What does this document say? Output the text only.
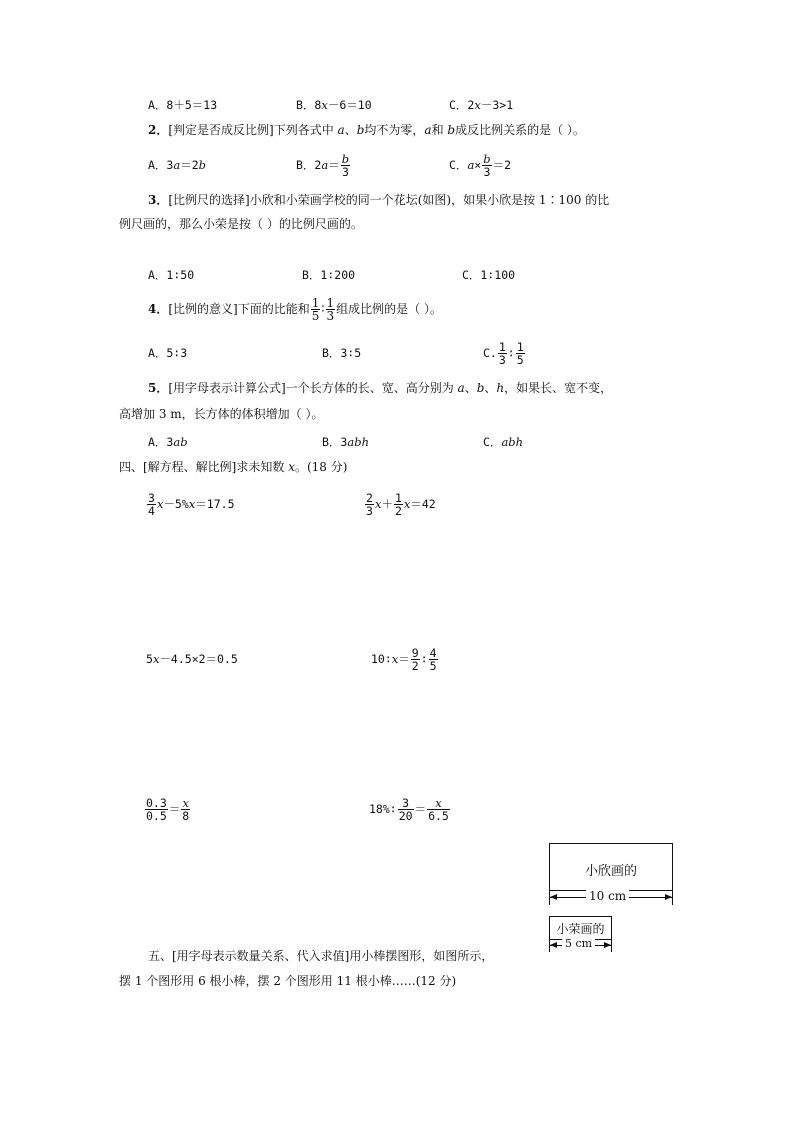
A．8＋5＝13	B．8x－6＝10	C．2x－3>1
2．[判定是否成反比例]下列各式中 a、b均不为零，a和 b成反比例关系的是（ ）。
A．3a＝2b	B．$2a= \frac{b}{3}$	C．$a\times \frac{b}{3} =2$
3．[比例尺的选择]小欣和小荣画学校的同一个花坛(如图)，如果小欣是按 1∶100 的比
例尺画的，那么小荣是按（ ）的比例尺画的。
A．1∶50	B．1∶200	C．1∶100
4．[比例的意义]下面的比能和 $\frac{1}{5}$ ∶ $\frac{1}{3}$ 组成比例的是（ ）。
A．5∶3	B．3∶5	C. $\frac{1}{3}$ ∶ $\frac{1}{5}$
5．[用字母表示计算公式]一个长方体的长、宽、高分别为 a、b、h，如果长、宽不变，
高增加 3 m，长方体的体积增加（ ）。
A．3ab	B．3abh	C．abh
四、[解方程、解比例]求未知数 x。(18 分)
$\frac{3}{4} x-5\%x=17.5$	$\frac{2}{3} x+ \frac{1}{2} x=42$
5x－4.5×2＝0.5	10∶x＝ $\frac{9}{2}$ ∶ $\frac{4}{5}$
$\frac{0.3}{0.5} = \frac{x}{8}$	18%∶ $\frac{3}{20} = \frac{x}{6.5}$
小欣画的
10 cm
小荣画的
5 cm
五、[用字母表示数量关系、代入求值]用小棒摆图形，如图所示，
摆 1 个图形用 6 根小棒，摆 2 个图形用 11 根小棒……(12 分)
